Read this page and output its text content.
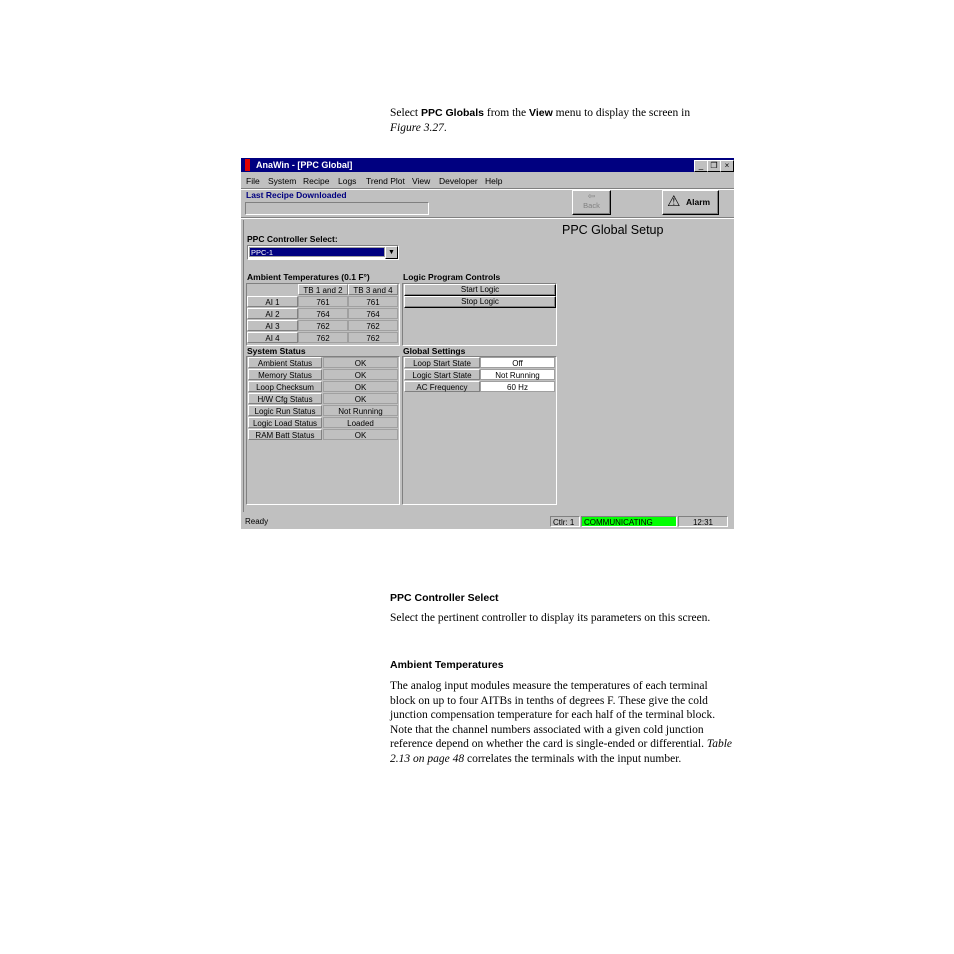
Select PPC Globals from the View menu to display the screen in
Figure 3.27.
AnaWin - [PPC Global]	_ ❐ ×
File System Recipe Logs Trend Plot View Developer Help
Last Recipe Downloaded	⇦
Back	⚠ Alarm
PPC Global Setup
PPC Controller Select:
PPC-1	▼
Ambient Temperatures (0.1 F°)
TB 1 and 2	TB 3 and 4
AI 1	761	761
AI 2	764	764
AI 3	762	762
AI 4	762	762
Logic Program Controls
Start Logic
Stop Logic
System Status
Ambient Status	OK
Memory Status	OK
Loop Checksum	OK
H/W Cfg Status	OK
Logic Run Status	Not Running
Logic Load Status	Loaded
RAM Batt Status	OK
Global Settings
Loop Start State	Off
Logic Start State	Not Running
AC Frequency	60 Hz
Ready	Ctlr: 1	COMMUNICATING	12:31
PPC Controller Select
Select the pertinent controller to display its parameters on this screen.
Ambient Temperatures
The analog input modules measure the temperatures of each terminal block on up to four AITBs in tenths of degrees F. These give the cold junction compensation temperature for each half of the terminal block. Note that the channel numbers associated with a given cold junction reference depend on whether the card is single-ended or differential. Table 2.13 on page 48 correlates the terminals with the input number.
